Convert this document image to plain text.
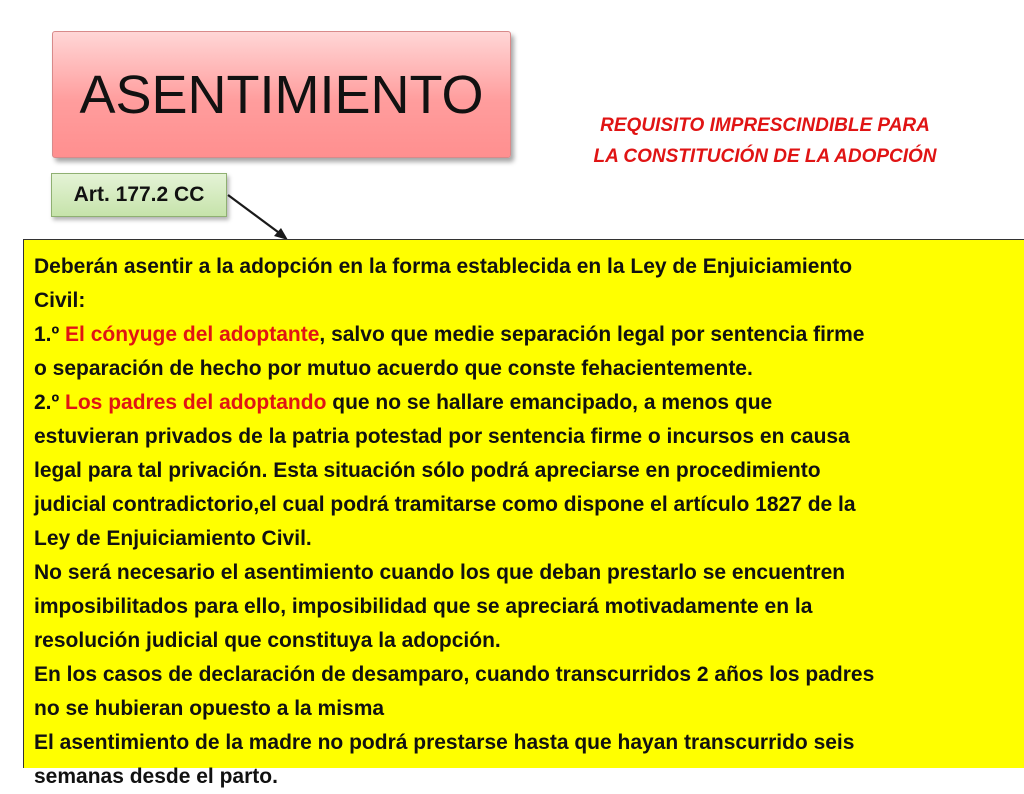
ASENTIMIENTO
REQUISITO IMPRESCINDIBLE PARA
LA CONSTITUCIÓN DE LA ADOPCIÓN
Art. 177.2 CC

Deberán asentir a la adopción en la forma establecida en la Ley de Enjuiciamiento

Civil:

1.º El cónyuge del adoptante, salvo que medie separación legal por sentencia firme

o separación de hecho por mutuo acuerdo que conste fehacientemente.

2.º Los padres del adoptando que no se hallare emancipado, a menos que

estuvieran privados de la patria potestad por sentencia firme o incursos en causa

legal para tal privación. Esta situación sólo podrá apreciarse en procedimiento

judicial contradictorio,el cual podrá tramitarse como dispone el artículo 1827 de la

Ley de Enjuiciamiento Civil.

No será necesario el asentimiento cuando los que deban prestarlo se encuentren

imposibilitados para ello, imposibilidad que se apreciará motivadamente en la

resolución judicial que constituya la adopción.

En los casos de declaración de desamparo, cuando transcurridos 2 años los padres

no se hubieran opuesto a la misma

El asentimiento de la madre no podrá prestarse hasta que hayan transcurrido seis

semanas desde el parto.
